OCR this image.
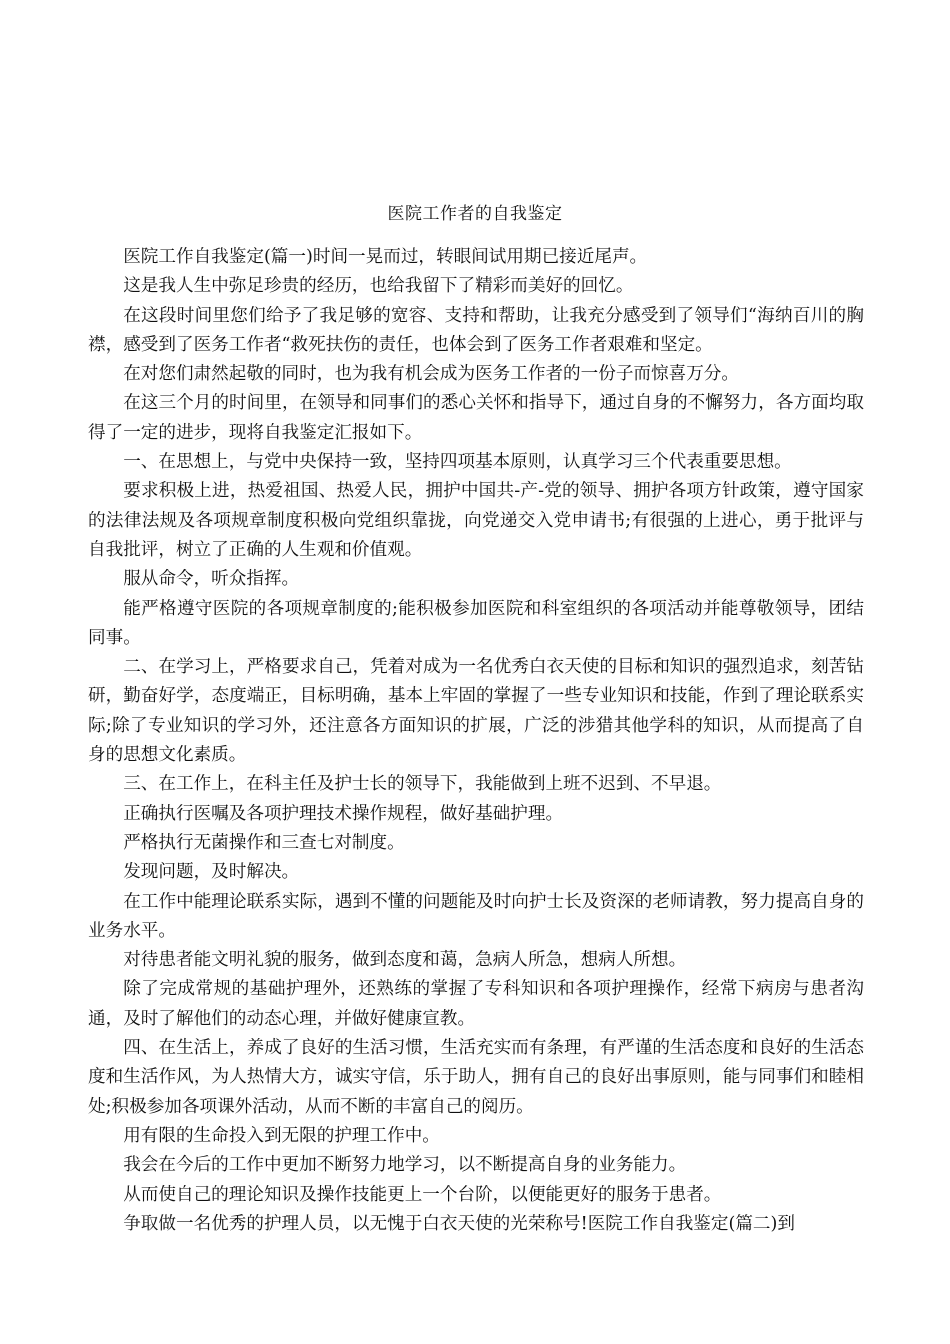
医院工作者的自我鉴定

医院工作自我鉴定(篇一)时间一晃而过，转眼间试用期已接近尾声。

这是我人生中弥足珍贵的经历，也给我留下了精彩而美好的回忆。

在这段时间里您们给予了我足够的宽容、支持和帮助，让我充分感受到了领导们“海纳百川的胸襟，感受到了医务工作者“救死扶伤的责任，也体会到了医务工作者艰难和坚定。

在对您们肃然起敬的同时，也为我有机会成为医务工作者的一份子而惊喜万分。

在这三个月的时间里，在领导和同事们的悉心关怀和指导下，通过自身的不懈努力，各方面均取得了一定的进步，现将自我鉴定汇报如下。

一、在思想上，与党中央保持一致，坚持四项基本原则，认真学习三个代表重要思想。

要求积极上进，热爱祖国、热爱人民，拥护中国共-产-党的领导、拥护各项方针政策，遵守国家的法律法规及各项规章制度积极向党组织靠拢，向党递交入党申请书;有很强的上进心，勇于批评与自我批评，树立了正确的人生观和价值观。

服从命令，听众指挥。

能严格遵守医院的各项规章制度的;能积极参加医院和科室组织的各项活动并能尊敬领导，团结同事。

二、在学习上，严格要求自己，凭着对成为一名优秀白衣天使的目标和知识的强烈追求，刻苦钻研，勤奋好学，态度端正，目标明确，基本上牢固的掌握了一些专业知识和技能，作到了理论联系实际;除了专业知识的学习外，还注意各方面知识的扩展，广泛的涉猎其他学科的知识，从而提高了自身的思想文化素质。

三、在工作上，在科主任及护士长的领导下，我能做到上班不迟到、不早退。

正确执行医嘱及各项护理技术操作规程，做好基础护理。

严格执行无菌操作和三查七对制度。

发现问题，及时解决。

在工作中能理论联系实际，遇到不懂的问题能及时向护士长及资深的老师请教，努力提高自身的业务水平。

对待患者能文明礼貌的服务，做到态度和蔼，急病人所急，想病人所想。

除了完成常规的基础护理外，还熟练的掌握了专科知识和各项护理操作，经常下病房与患者沟通，及时了解他们的动态心理，并做好健康宣教。

四、在生活上，养成了良好的生活习惯，生活充实而有条理，有严谨的生活态度和良好的生活态度和生活作风，为人热情大方，诚实守信，乐于助人，拥有自己的良好出事原则，能与同事们和睦相处;积极参加各项课外活动，从而不断的丰富自己的阅历。

用有限的生命投入到无限的护理工作中。

我会在今后的工作中更加不断努力地学习，以不断提高自身的业务能力。

从而使自己的理论知识及操作技能更上一个台阶，以便能更好的服务于患者。

争取做一名优秀的护理人员，以无愧于白衣天使的光荣称号!医院工作自我鉴定(篇二)到
